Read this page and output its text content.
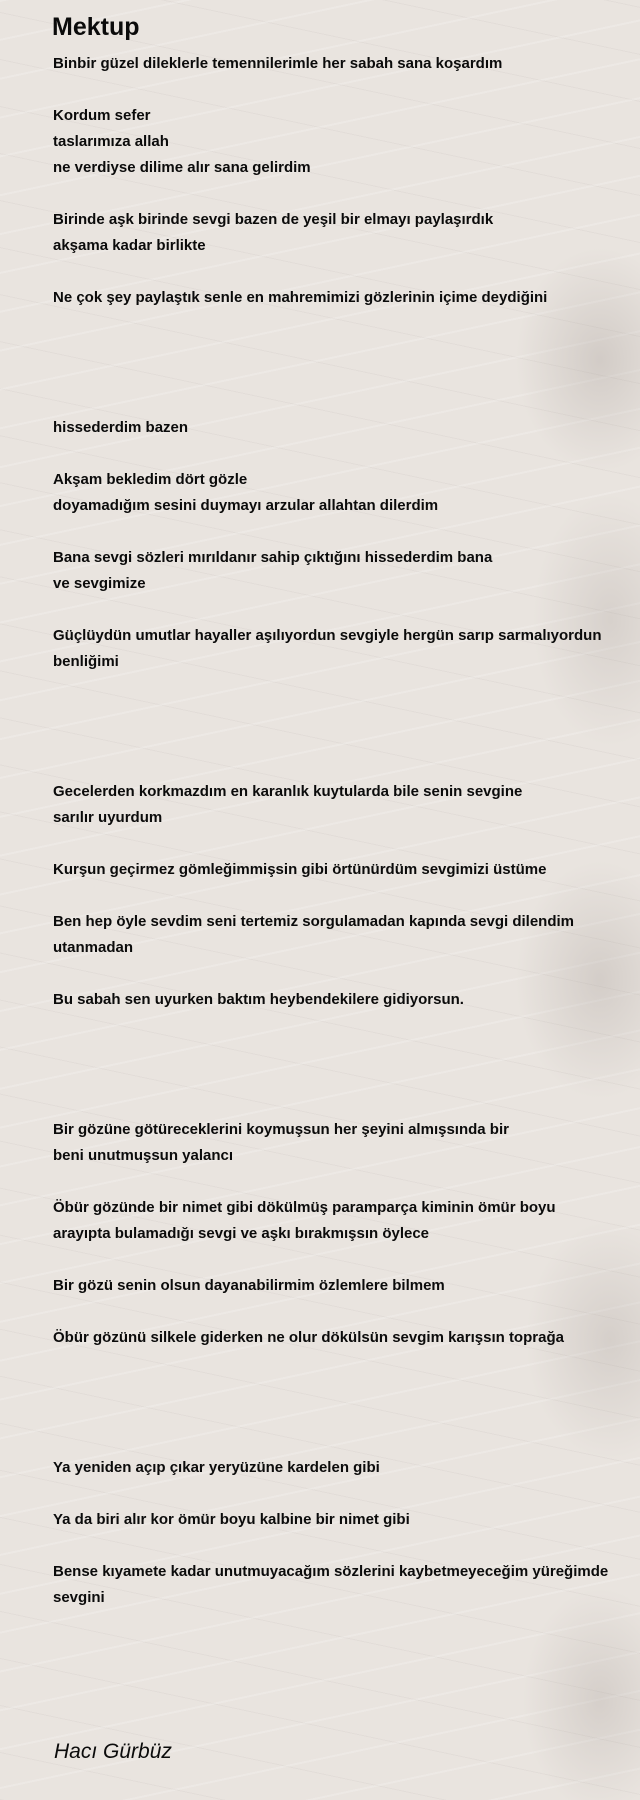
Mektup
Binbir güzel dileklerle temennilerimle her sabah sana koşardım
Kordum sefer
taslarımıza allah
ne verdiyse dilime alır sana gelirdim
Birinde aşk birinde sevgi bazen de yeşil bir elmayı paylaşırdık
akşama kadar birlikte
Ne çok şey paylaştık senle en mahremimizi gözlerinin içime deydiğini
hissederdim bazen
Akşam bekledim dört gözle
doyamadığım sesini duymayı arzular allahtan dilerdim
Bana sevgi sözleri mırıldanır sahip çıktığını hissederdim bana
ve sevgimize
Güçlüydün umutlar hayaller aşılıyordun sevgiyle hergün sarıp sarmalıyordun
benliğimi
Gecelerden korkmazdım en karanlık kuytularda bile senin sevgine
sarılır uyurdum
Kurşun geçirmez gömleğimmişsin gibi örtünürdüm sevgimizi üstüme
Ben hep öyle sevdim seni tertemiz sorgulamadan kapında sevgi dilendim
utanmadan
Bu sabah sen uyurken baktım heybendekilere gidiyorsun.
Bir gözüne götüreceklerini koymuşsun her şeyini almışsında bir
beni unutmuşsun yalancı
Öbür gözünde bir nimet gibi dökülmüş paramparça kiminin ömür boyu
arayıpta bulamadığı sevgi ve aşkı bırakmışsın öylece
Bir gözü senin olsun dayanabilirmim özlemlere bilmem
Öbür gözünü silkele giderken ne olur dökülsün sevgim karışsın toprağa
Ya yeniden açıp çıkar yeryüzüne kardelen gibi
Ya da biri alır kor ömür boyu kalbine bir nimet gibi
Bense kıyamete kadar unutmuyacağım sözlerini kaybetmeyeceğim yüreğimde
sevgini
Hacı Gürbüz
